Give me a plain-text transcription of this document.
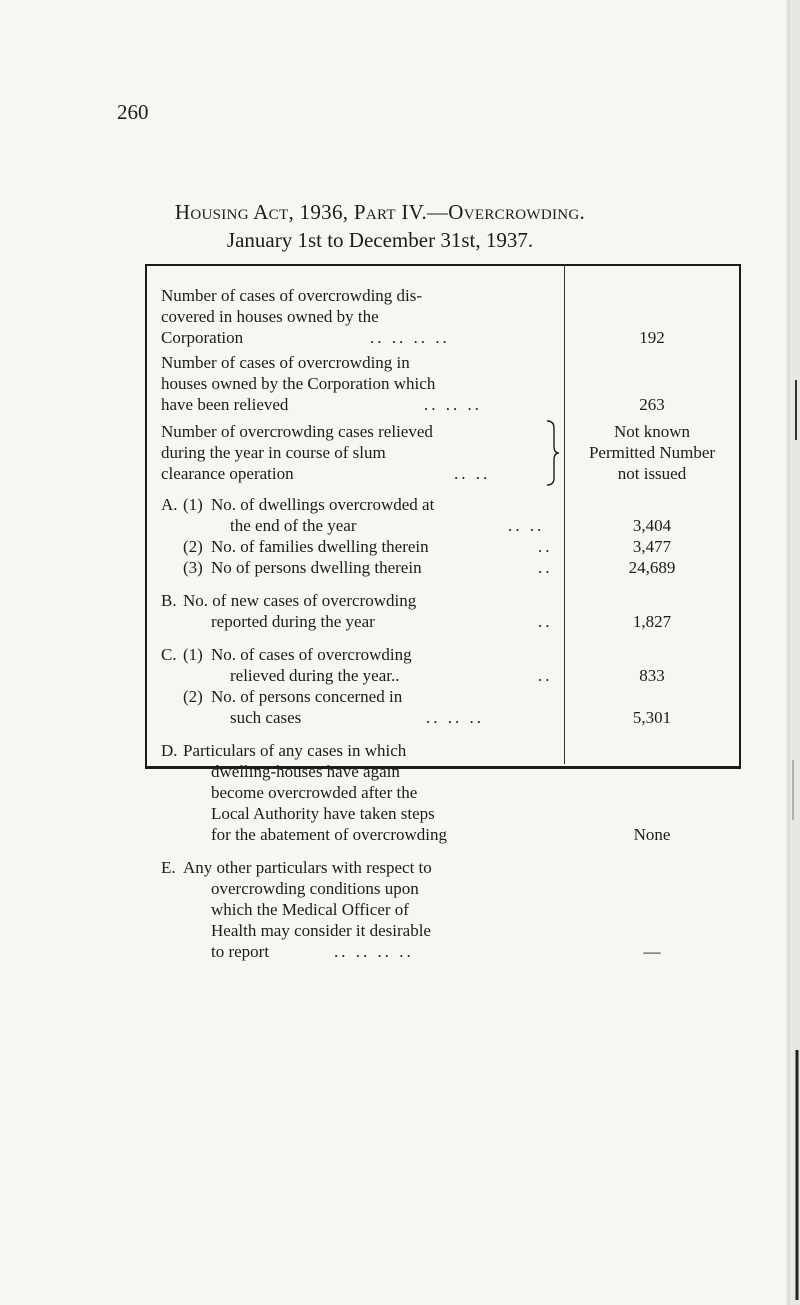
260
Housing Act, 1936, Part IV.—Overcrowding.
January 1st to December 31st, 1937.
Number of cases of overcrowding dis-
covered in houses owned by the
Corporation	.. .. .. ..	192
Number of cases of overcrowding in
houses owned by the Corporation which
have been relieved	.. .. ..	263
Number of overcrowding cases relieved
during the year in course of slum
clearance operation	.. ..
Not known
Permitted Number
not issued
A. (1) No. of dwellings overcrowded at
the end of the year	.. ..	3,404
(2) No. of families dwelling therein	..	3,477
(3) No of persons dwelling therein	..	24,689
B. No. of new cases of overcrowding
reported during the year	..	1,827
C. (1) No. of cases of overcrowding
relieved during the year..	..	833
(2) No. of persons concerned in
such cases	.. .. ..	5,301
D. Particulars of any cases in which
dwelling-houses have again
become overcrowded after the
Local Authority have taken steps
for the abatement of overcrowding	None
E. Any other particulars with respect to
overcrowding conditions upon
which the Medical Officer of
Health may consider it desirable
to report	.. .. .. ..	—
